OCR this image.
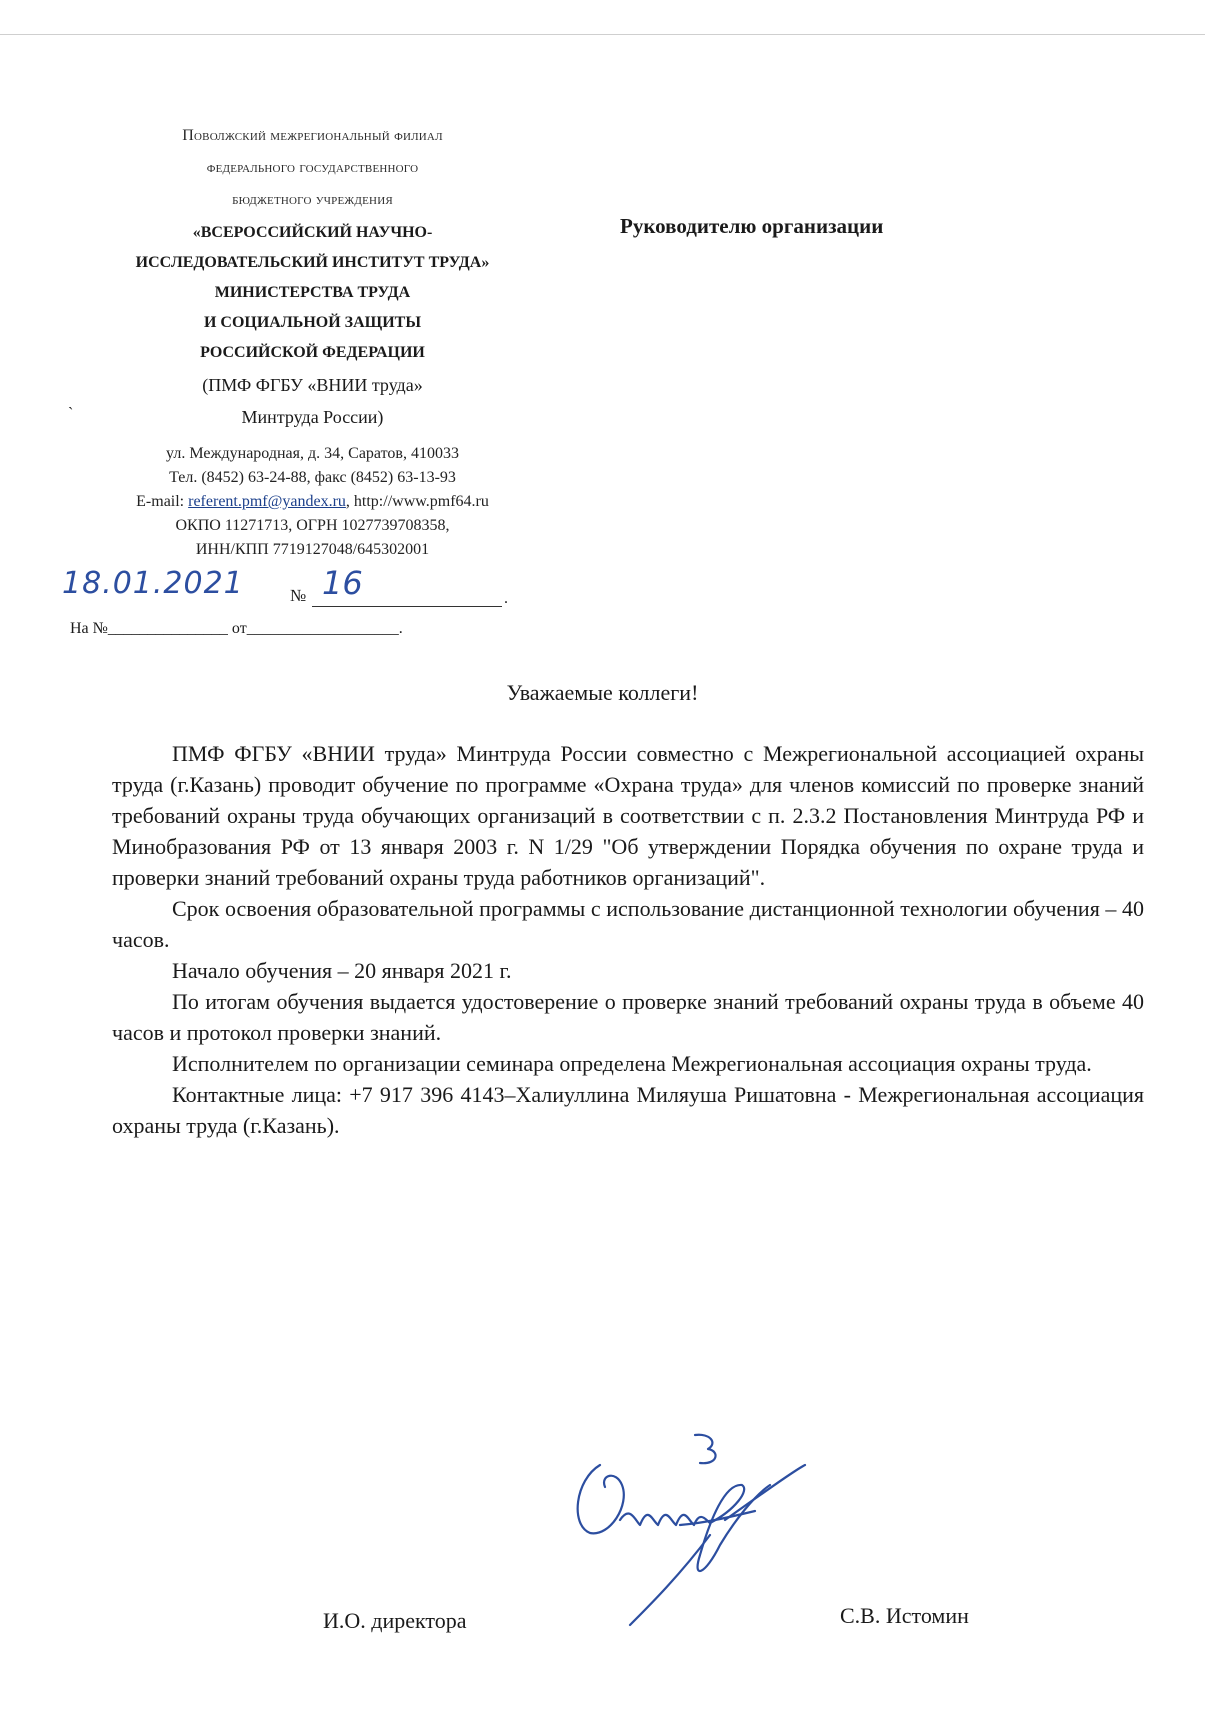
Поволжский межрегиональный филиал
федерального государственного
бюджетного учреждения
«ВСЕРОССИЙСКИЙ НАУЧНО-
ИССЛЕДОВАТЕЛЬСКИЙ ИНСТИТУТ ТРУДА»
МИНИСТЕРСТВА ТРУДА
И СОЦИАЛЬНОЙ ЗАЩИТЫ
РОССИЙСКОЙ ФЕДЕРАЦИИ
(ПМФ ФГБУ «ВНИИ труда»
Минтруда России)
ул. Международная, д. 34, Саратов, 410033
Тел. (8452) 63-24-88, факс (8452) 63-13-93
E-mail: referent.pmf@yandex.ru, http://www.pmf64.ru
ОКПО 11271713, ОГРН 1027739708358,
ИНН/КПП 7719127048/645302001
`
18.01.2021	№ 16	.
На №_______________ от___________________.
Руководителю организации
Уважаемые коллеги!

ПМФ ФГБУ «ВНИИ труда» Минтруда России совместно с Межрегиональной ассоциацией охраны труда (г.Казань) проводит обучение по программе «Охрана труда» для членов комиссий по проверке знаний требований охраны труда обучающих организаций в соответствии с п. 2.3.2 Постановления Минтруда РФ и Минобразования РФ от 13 января 2003 г. N 1/29 "Об утверждении Порядка обучения по охране труда и проверки знаний требований охраны труда работников организаций".

Срок освоения образовательной программы с использование дистанционной технологии обучения – 40 часов.

Начало обучения – 20 января 2021 г.

По итогам обучения выдается удостоверение о проверке знаний требований охраны труда в объеме 40 часов и протокол проверки знаний.

Исполнителем по организации семинара определена Межрегиональная ассоциация охраны труда.

Контактные лица: +7 917 396 4143–Халиуллина Миляуша Ришатовна - Межрегиональная ассоциация охраны труда (г.Казань).

И.О. директора	С.В. Истомин
